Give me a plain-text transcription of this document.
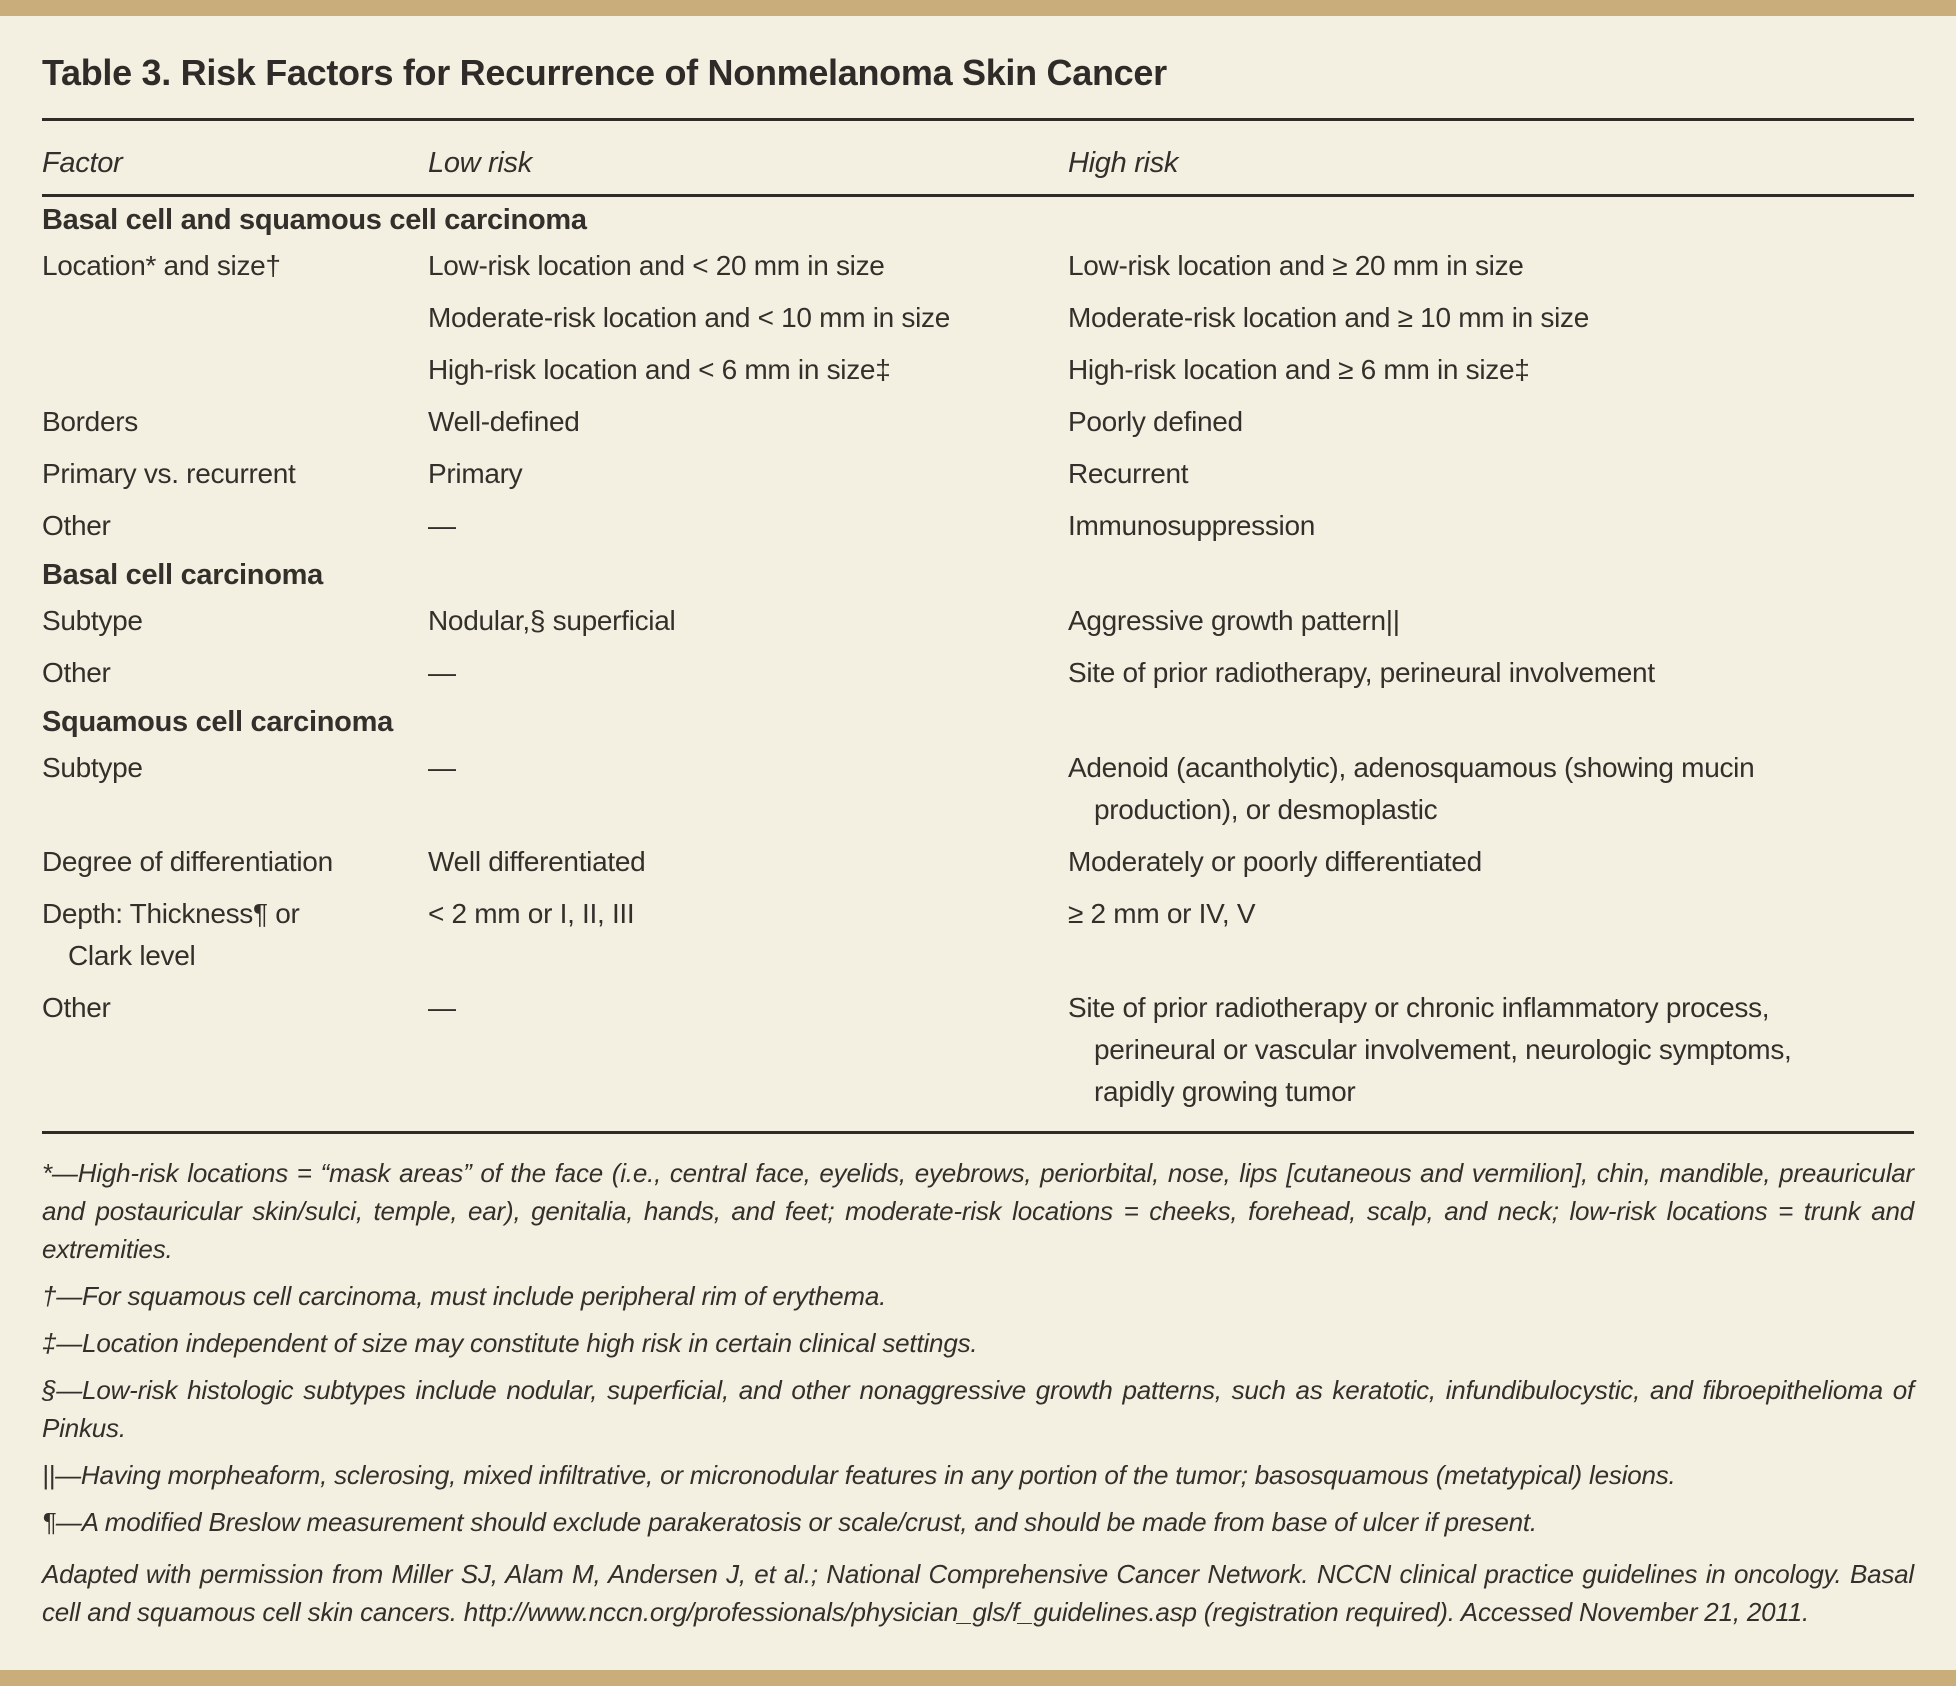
Table 3. Risk Factors for Recurrence of Nonmelanoma Skin Cancer
Factor	Low risk	High risk
Basal cell and squamous cell carcinoma		
Location* and size†	Low-risk location and < 20 mm in size	Low-risk location and ≥ 20 mm in size
	Moderate-risk location and < 10 mm in size	Moderate-risk location and ≥ 10 mm in size
	High-risk location and < 6 mm in size‡	High-risk location and ≥ 6 mm in size‡
Borders	Well-defined	Poorly defined
Primary vs. recurrent	Primary	Recurrent
Other	—	Immunosuppression
Basal cell carcinoma		
Subtype	Nodular,§ superficial	Aggressive growth pattern||
Other	—	Site of prior radiotherapy, perineural involvement
Squamous cell carcinoma		
Subtype	—	Adenoid (acantholytic), adenosquamous (showing mucin production), or desmoplastic

Degree of differentiation	Well differentiated	Moderately or poorly differentiated

Depth: Thickness¶ or Clark level	< 2 mm or I, II, III	≥ 2 mm or IV, V
Other	—	Site of prior radiotherapy or chronic inflammatory process, perineural or vascular involvement, neurologic symptoms, rapidly growing tumor

*—High-risk locations = “mask areas” of the face (i.e., central face, eyelids, eyebrows, periorbital, nose, lips [cutaneous and vermilion], chin, mandible, preauricular and postauricular skin/sulci, temple, ear), genitalia, hands, and feet; moderate-risk locations = cheeks, forehead, scalp, and neck; low-risk locations = trunk and extremities.

†—For squamous cell carcinoma, must include peripheral rim of erythema.

‡—Location independent of size may constitute high risk in certain clinical settings.

§—Low-risk histologic subtypes include nodular, superficial, and other nonaggressive growth patterns, such as keratotic, infundibulocystic, and fibroepithelioma of Pinkus.

||—Having morpheaform, sclerosing, mixed infiltrative, or micronodular features in any portion of the tumor; basosquamous (metatypical) lesions.

¶—A modified Breslow measurement should exclude parakeratosis or scale/crust, and should be made from base of ulcer if present.

Adapted with permission from Miller SJ, Alam M, Andersen J, et al.; National Comprehensive Cancer Network. NCCN clinical practice guidelines in oncology. Basal cell and squamous cell skin cancers. http://www.nccn.org/professionals/physician_gls/f_guidelines.asp (registration required). Accessed November 21, 2011.
